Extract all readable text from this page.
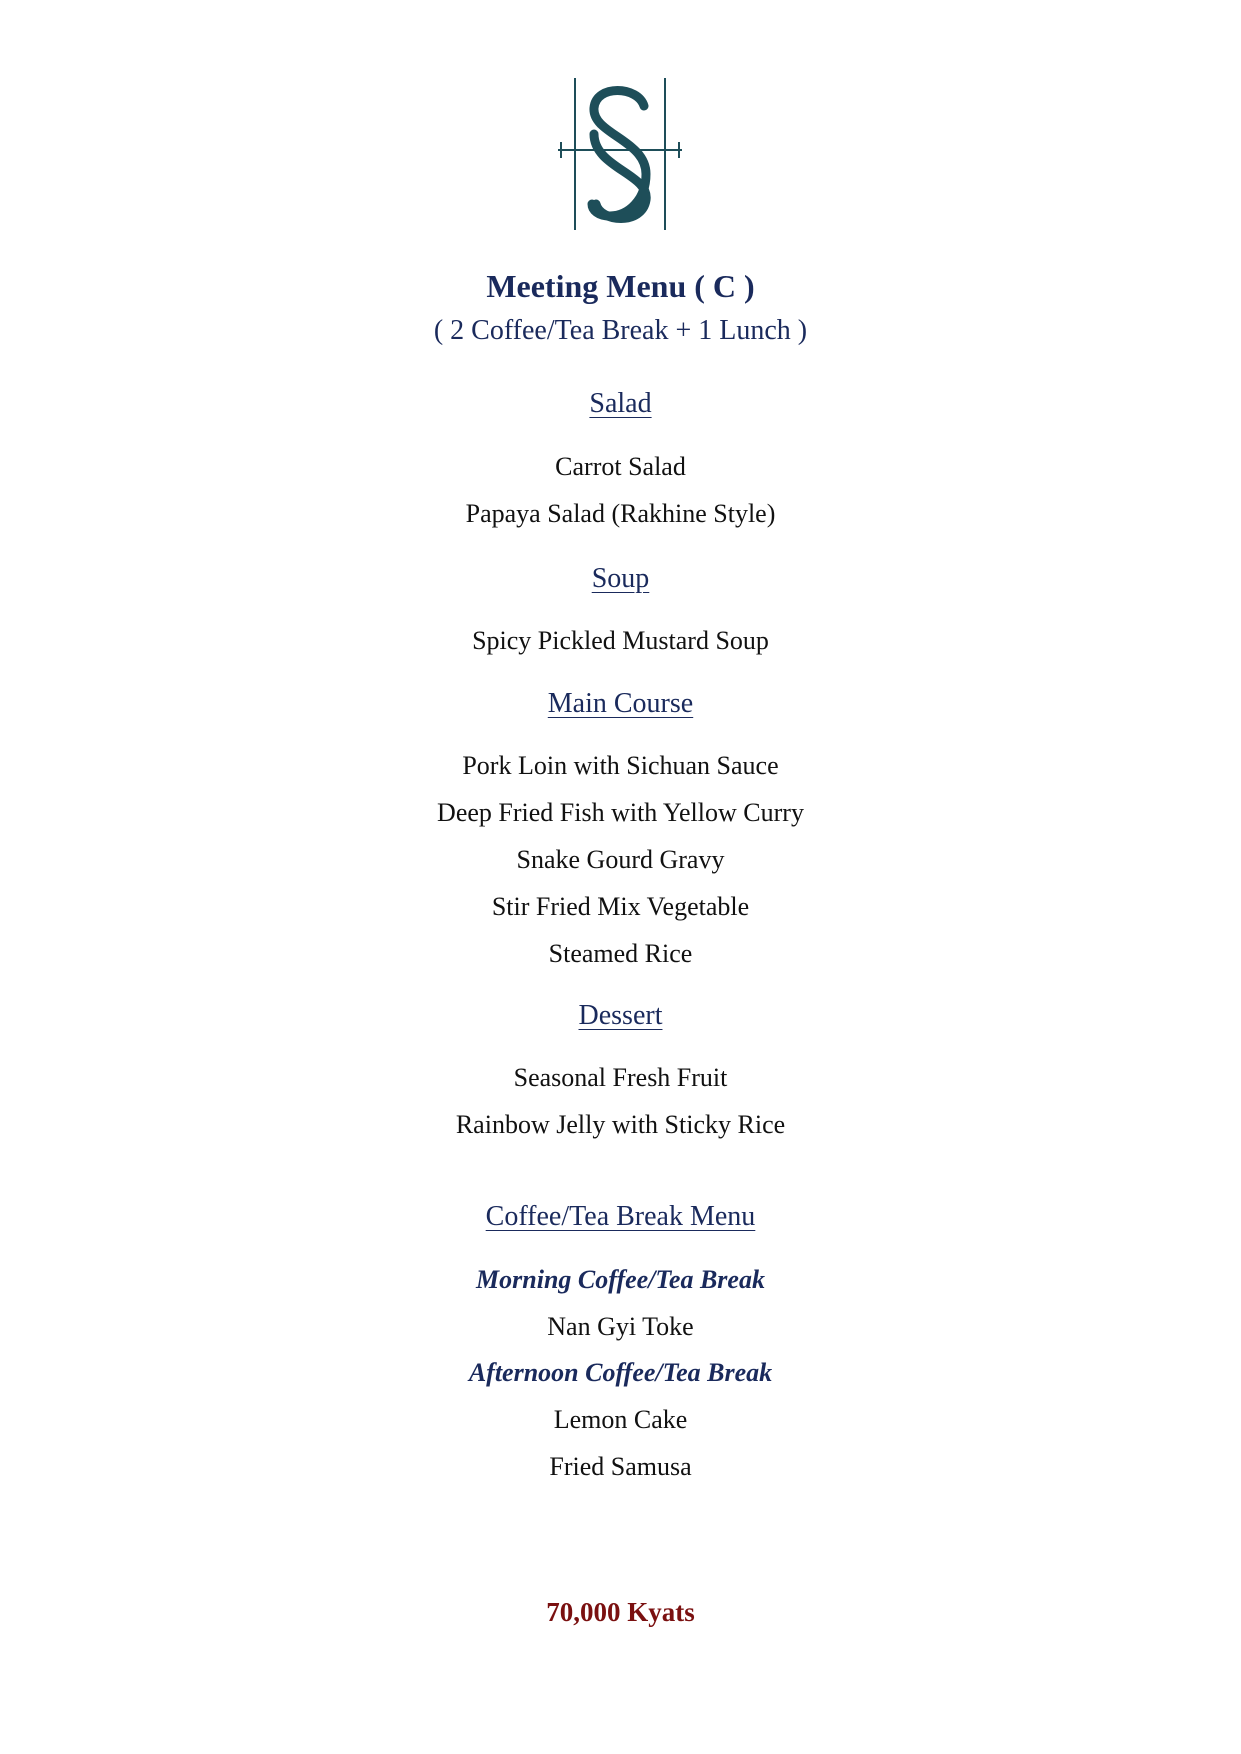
Meeting Menu ( C )
( 2 Coffee/Tea Break + 1 Lunch )
Salad
Carrot Salad
Papaya Salad (Rakhine Style)
Soup
Spicy Pickled Mustard Soup
Main Course
Pork Loin with Sichuan Sauce
Deep Fried Fish with Yellow Curry
Snake Gourd Gravy
Stir Fried Mix Vegetable
Steamed Rice
Dessert
Seasonal Fresh Fruit
Rainbow Jelly with Sticky Rice
Coffee/Tea Break Menu
Morning Coffee/Tea Break
Nan Gyi Toke
Afternoon Coffee/Tea Break
Lemon Cake
Fried Samusa
70,000 Kyats
